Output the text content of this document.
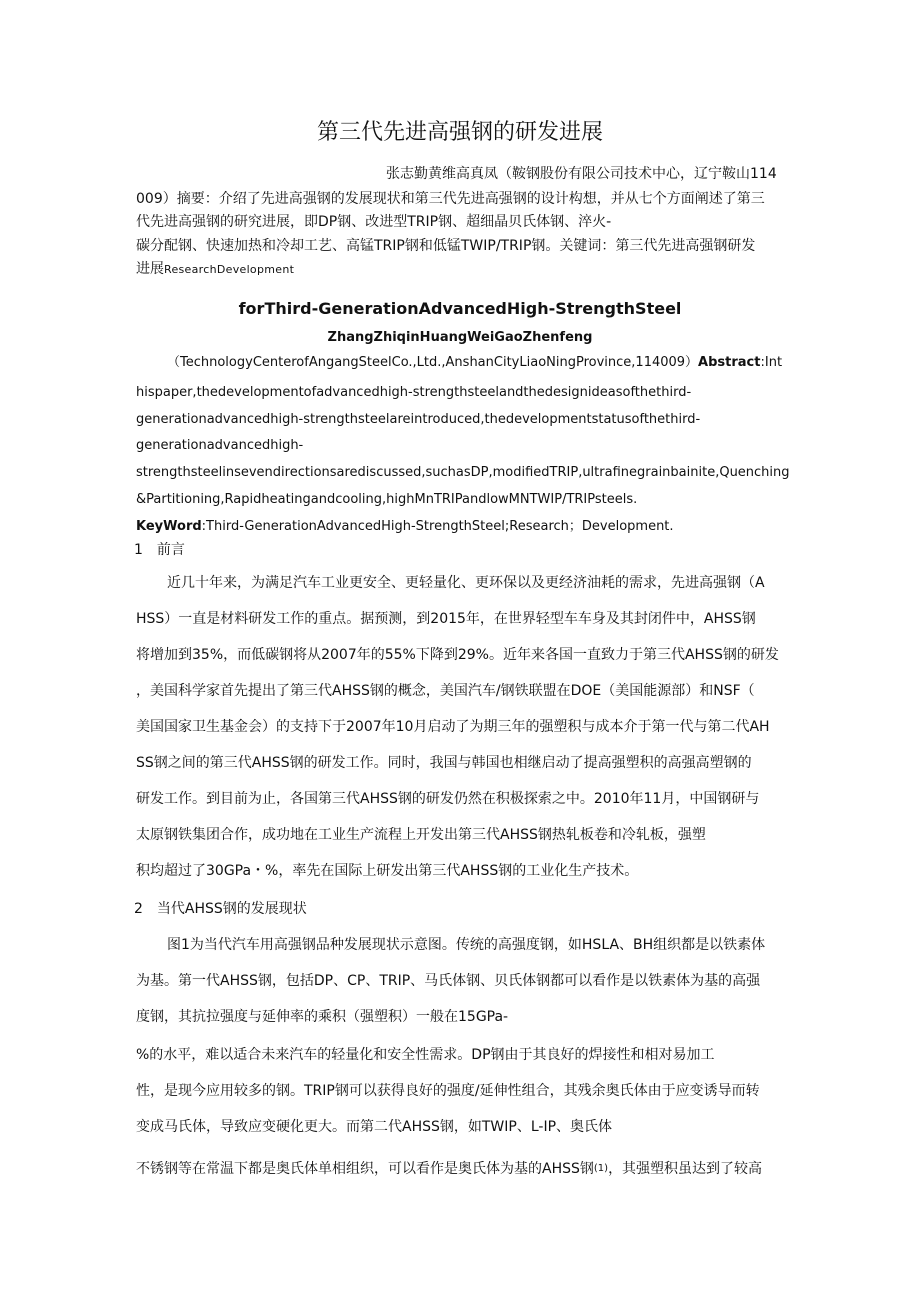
第三代先进高强钢的研发进展
张志勤黄维高真凤（鞍钢股份有限公司技术中心，辽宁鞍山114
009）摘要：介绍了先进高强钢的发展现状和第三代先进高强钢的设计构想，并从七个方面阐述了第三
代先进高强钢的研究进展，即DP钢、改进型TRIP钢、超细晶贝氏体钢、淬火-
碳分配钢、快速加热和冷却工艺、高锰TRIP钢和低锰TWIP/TRIP钢。关键词：第三代先进高强钢研发
进展ResearchDevelopment
forThird-GenerationAdvancedHigh-StrengthSteel
ZhangZhiqinHuangWeiGaoZhenfeng
（TechnologyCenterofAngangSteelCo.,Ltd.,AnshanCityLiaoNingProvince,114009）Abstract:Int
hispaper,thedevelopmentofadvancedhigh-strengthsteelandthedesignideasofthethird-
generationadvancedhigh-strengthsteelareintroduced,thedevelopmentstatusofthethird-
generationadvancedhigh-
strengthsteelinsevendirectionsarediscussed,suchasDP,modifiedTRIP,ultrafinegrainbainite,Quenching
&Partitioning,Rapidheatingandcooling,highMnTRIPandlowMNTWIP/TRIPsteels.
KeyWord:Third-GenerationAdvancedHigh-StrengthSteel;Research；Development.
1　前言
近几十年来，为满足汽车工业更安全、更轻量化、更环保以及更经济油耗的需求，先进高强钢（A
HSS）一直是材料研发工作的重点。据预测，到2015年，在世界轻型车车身及其封闭件中，AHSS钢
将增加到35%，而低碳钢将从2007年的55%下降到29%。近年来各国一直致力于第三代AHSS钢的研发
，美国科学家首先提出了第三代AHSS钢的概念，美国汽车/钢铁联盟在DOE（美国能源部）和NSF（
美国国家卫生基金会）的支持下于2007年10月启动了为期三年的强塑积与成本介于第一代与第二代AH
SS钢之间的第三代AHSS钢的研发工作。同时，我国与韩国也相继启动了提高强塑积的高强高塑钢的
研发工作。到目前为止，各国第三代AHSS钢的研发仍然在积极探索之中。2010年11月，中国钢研与
太原钢铁集团合作，成功地在工业生产流程上开发出第三代AHSS钢热轧板卷和冷轧板，强塑
积均超过了30GPa・%，率先在国际上研发出第三代AHSS钢的工业化生产技术。
2　当代AHSS钢的发展现状
图1为当代汽车用高强钢品种发展现状示意图。传统的高强度钢，如HSLA、BH组织都是以铁素体
为基。第一代AHSS钢，包括DP、CP、TRIP、马氏体钢、贝氏体钢都可以看作是以铁素体为基的高强
度钢，其抗拉强度与延伸率的乘积（强塑积）一般在15GPa-
%的水平，难以适合未来汽车的轻量化和安全性需求。DP钢由于其良好的焊接性和相对易加工
性，是现今应用较多的钢。TRIP钢可以获得良好的强度/延伸性组合，其残余奥氏体由于应变诱导而转
变成马氏体，导致应变硬化更大。而第二代AHSS钢，如TWIP、L-IP、奥氏体
不锈钢等在常温下都是奥氏体单相组织，可以看作是奥氏体为基的AHSS钢$^{(1)}$，其强塑积虽达到了较高
